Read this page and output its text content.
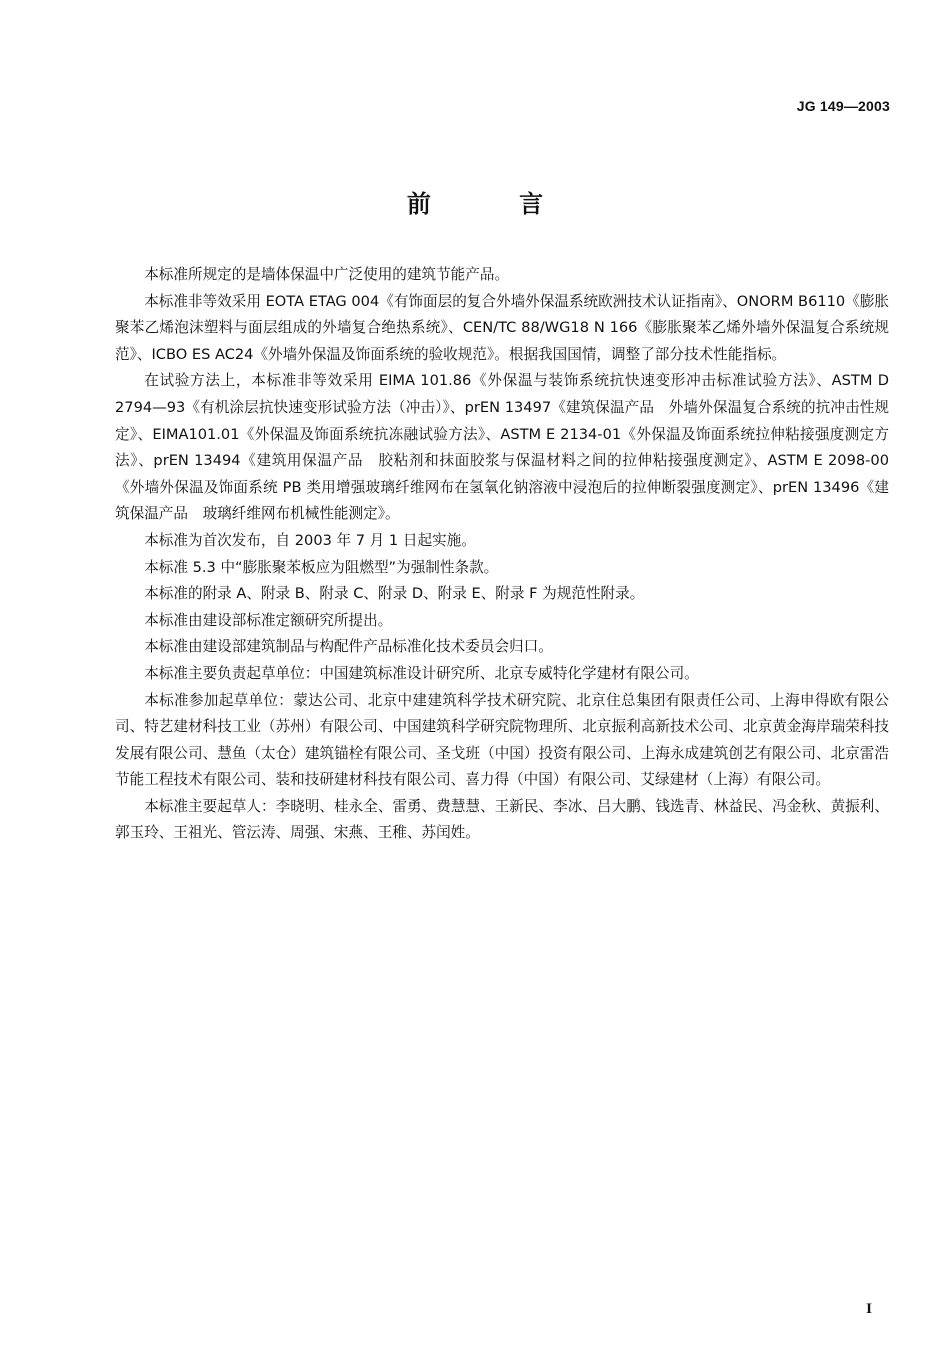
JG 149—2003
前 言

本标准所规定的是墙体保温中广泛使用的建筑节能产品。

本标准非等效采用 EOTA ETAG 004《有饰面层的复合外墙外保温系统欧洲技术认证指南》、ONORM B6110《膨胀聚苯乙烯泡沫塑料与面层组成的外墙复合绝热系统》、CEN/TC 88/WG18 N 166《膨胀聚苯乙烯外墙外保温复合系统规范》、ICBO ES AC24《外墙外保温及饰面系统的验收规范》。根据我国国情，调整了部分技术性能指标。

在试验方法上，本标准非等效采用 EIMA 101.86《外保温与装饰系统抗快速变形冲击标准试验方法》、ASTM D 2794—93《有机涂层抗快速变形试验方法（冲击）》、prEN 13497《建筑保温产品　外墙外保温复合系统的抗冲击性规定》、EIMA101.01《外保温及饰面系统抗冻融试验方法》、ASTM E 2134-01《外保温及饰面系统拉伸粘接强度测定方法》、prEN 13494《建筑用保温产品　胶粘剂和抹面胶浆与保温材料之间的拉伸粘接强度测定》、ASTM E 2098-00《外墙外保温及饰面系统 PB 类用增强玻璃纤维网布在氢氧化钠溶液中浸泡后的拉伸断裂强度测定》、prEN 13496《建筑保温产品　玻璃纤维网布机械性能测定》。

本标准为首次发布，自 2003 年 7 月 1 日起实施。

本标准 5.3 中“膨胀聚苯板应为阻燃型”为强制性条款。

本标准的附录 A、附录 B、附录 C、附录 D、附录 E、附录 F 为规范性附录。

本标准由建设部标准定额研究所提出。

本标准由建设部建筑制品与构配件产品标准化技术委员会归口。

本标准主要负责起草单位：中国建筑标准设计研究所、北京专威特化学建材有限公司。

本标准参加起草单位：蒙达公司、北京中建建筑科学技术研究院、北京住总集团有限责任公司、上海申得欧有限公司、特艺建材科技工业（苏州）有限公司、中国建筑科学研究院物理所、北京振利高新技术公司、北京黄金海岸瑞荣科技发展有限公司、慧鱼（太仓）建筑锚栓有限公司、圣戈班（中国）投资有限公司、上海永成建筑创艺有限公司、北京雷浩节能工程技术有限公司、装和技研建材科技有限公司、喜力得（中国）有限公司、艾绿建材（上海）有限公司。

本标准主要起草人：李晓明、桂永全、雷勇、费慧慧、王新民、李冰、吕大鹏、钱选青、林益民、冯金秋、黄振利、郭玉玲、王祖光、管沄涛、周强、宋燕、王稚、苏闰姓。

I
